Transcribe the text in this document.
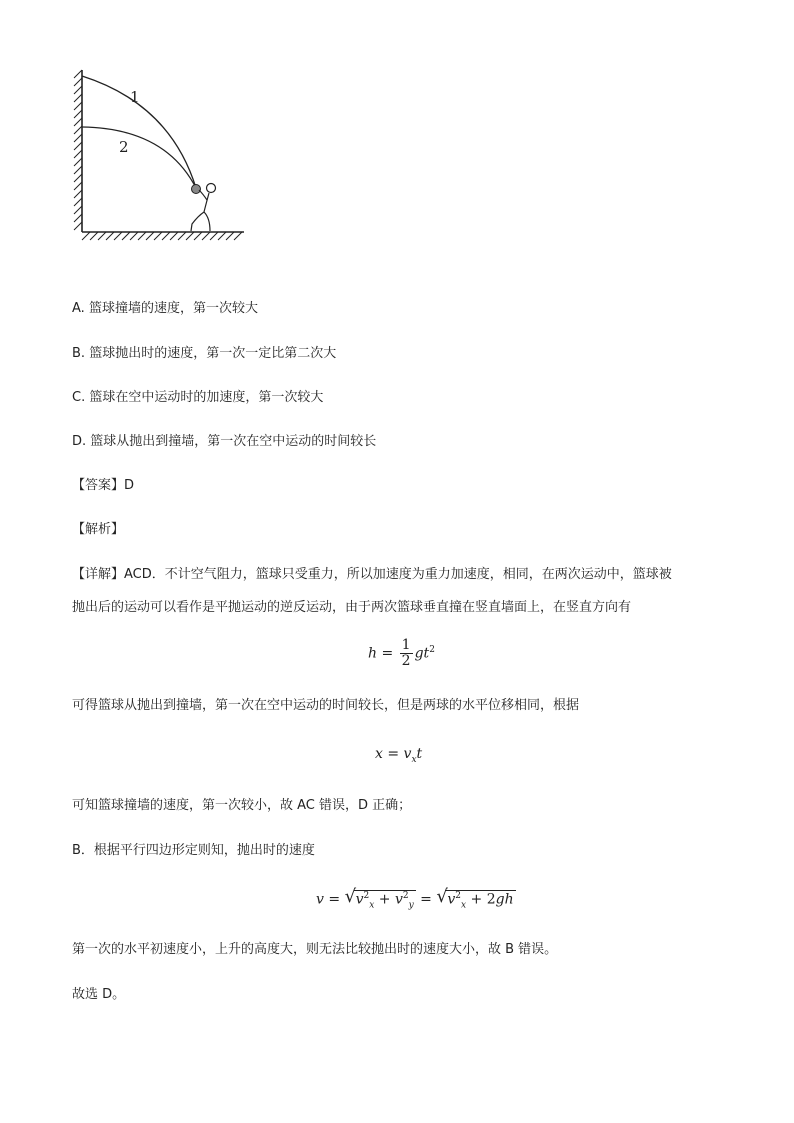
1
2
A. 篮球撞墙的速度，第一次较大
B. 篮球抛出时的速度，第一次一定比第二次大
C. 篮球在空中运动时的加速度，第一次较大
D. 篮球从抛出到撞墙，第一次在空中运动的时间较长
【答案】D
【解析】
【详解】ACD．不计空气阻力，篮球只受重力，所以加速度为重力加速度，相同，在两次运动中，篮球被
抛出后的运动可以看作是平抛运动的逆反运动，由于两次篮球垂直撞在竖直墙面上，在竖直方向有
$h = \frac{1}{2} gt^2$
可得篮球从抛出到撞墙，第一次在空中运动的时间较长，但是两球的水平位移相同，根据
$x = v_xt$
可知篮球撞墙的速度，第一次较小，故 AC 错误，D 正确；
B．根据平行四边形定则知，抛出时的速度
v = √ $v^2_x + v^2_y$ = √ $v^2_x + 2gh$
第一次的水平初速度小，上升的高度大，则无法比较抛出时的速度大小，故 B 错误。
故选 D。
